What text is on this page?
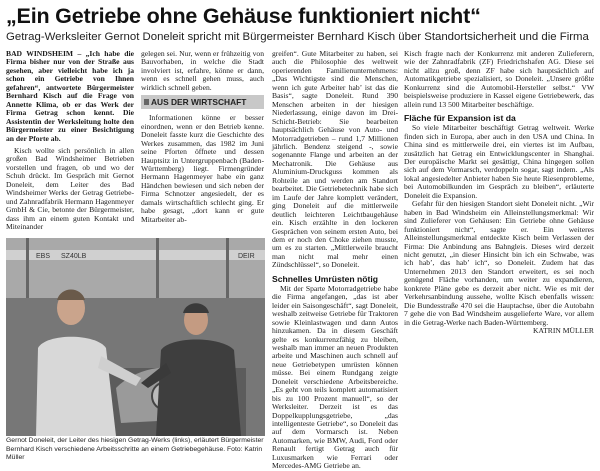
„Ein Getriebe ohne Gehäuse funktioniert nicht“
Getrag-Werksleiter Gernot Doneleit spricht mit Bürgermeister Bernhard Kisch über Standortsicherheit und die Firma

BAD WINDSHEIM – „Ich habe die Firma bisher nur von der Straße aus gesehen, aber vielleicht habe ich ja schon ein Getriebe von Ihnen gefahren“, antwortete Bürgermeister Bernhard Kisch auf die Frage von Annette Klima, ob er das Werk der Firma Getrag schon kennt. Die Assistentin der Werksleitung holte den Bürgermeister zu einer Besichtigung an der Pforte ab.

Kisch wollte sich persönlich in allen großen Bad Windsheimer Betrieben vorstellen und fragen, ob und wo der Schuh drückt. Im Gespräch mit Gernot Doneleit, dem Leiter des Bad Windsheimer Werks der Getrag Getriebe- und Zahnradfabrik Hermann Hagenmeyer GmbH & Cie, betonte der Bürgermeister, dass ihm an einem guten Kontakt und Miteinander

gelegen sei. Nur, wenn er frühzeitig von Bauvorhaben, in welche die Stadt involviert ist, erfahre, könne er dann, wenn es schnell gehen muss, auch wirklich schnell geben.

AUS DER WIRTSCHAFT

Informationen könne er besser einordnen, wenn er den Betrieb kenne. Doneleit fasste kurz die Geschichte des Werkes zusammen, das 1982 im Juni seine Pforten öffnete und dessen Hauptsitz in Untergruppenbach (Baden-Württemberg) liegt. Firmengründer Hermann Hagenmeyer habe ein ganz Händchen bewiesen und sich neben der Firma Schnotzer angesiedelt, der es damals wirtschaftlich schlecht ging. Er habe gesagt, „dort kann er gute Mitarbeiter ab-

greifen“. Gute Mitarbeiter zu haben, sei auch die Philosophie des weltweit operierenden Familienunternehmens: „Das Wichtigste sind die Menschen, wenn ich gute Arbeiter hab’ ist das die Basis“, sagte Doneleit. Rund 390 Menschen arbeiten in der hiesigen Niederlassung, einige davon im Drei-Schicht-Betrieb: Sie bearbeiten hauptsächlich Gehäuse von Auto- und Motorradgetrieben – rund 1,7 Millionen jährlich. Bendenz steigend -, sowie sogenannte Flange und arbeiten an der Mechatronik. Die Gehäuse aus Aluminium-Druckguss kommen als Rohteile an und werden am Standort bearbeitet. Die Getriebetechnik habe sich im Laufe der Jahre komplett verändert, ging Doneleit auf die mittlerweile deutlich leichteren Leichtbaugehäuse ein. Kisch erzählte in den lockeren Gesprächen von seinem ersten Auto, bei dem er noch den Choke ziehen musste, um es zu starten. „Mittlerweile braucht man nicht mal mehr einen Zündschlüssel“, so Doneleit.

Schnelles Umrüsten nötig

Mit der Sparte Motorradgetriebe habe die Firma angefangen, „das ist aber leider ein Saisongeschäft“, sagt Doneleit, weshalb zeitweise Getriebe für Traktoren sowie Kleinlastwagen und dann Autos hinzukamen. Da in diesem Geschäft gelte es konkurrenzfähig zu bleiben, weshalb man immer an neuen Produkten arbeite und Maschinen auch schnell auf neue Getriebetypen umrüsten können müsse. Bei einem Rundgang zeigte Doneleit verschiedene Arbeitsbereiche. „Es geht von teils komplett automatisiert bis zu 100 Prozent manuell“, so der Werksleiter. Derzeit ist es das Doppelkupplungsgetriebe, „das intelligenteste Getriebe“, so Doneleit das auf dem Vormarsch ist. Neben Automarken, wie BMW, Audi, Ford oder Renault fertigt Getrag auch für Luxusmarken wie Ferrari oder Mercedes-AMG Getriebe an.

Kisch fragte nach der Konkurrenz mit anderen Zulieferern, wie der Zahnradfabrik (ZF) Friedrichshafen AG. Diese sei nicht allzu groß, denn ZF habe sich hauptsächlich auf Automatikgetriebe spezialisiert, so Doneleit. „Unsere größte Konkurrenz sind die Automobil-Hersteller selbst.“ VW beispielsweise produziere in Kassel eigene Getriebewerk, das allein rund 13 500 Mitarbeiter beschäftige.

Fläche für Expansion ist da

So viele Mitarbeiter beschäftigt Getrag weltweit. Werke finden sich in Europa, aber auch in den USA und China. In China sind es mittlerweile drei, ein viertes ist im Aufbau, zusätzlich hat Getrag ein Entwicklungscenter in Shanghai. Der europäische Markt sei gesättigt, China hingegen sollen sich auf dem Vormarsch, verdoppeln sogar, sagt indem. „Als lokal angesiedelter Anbieter haben Sie heute Riesenprobleme, bei Automobilkunden im Gespräch zu bleiben“, erläuterte Doneleit die Expansion.

Gefahr für den hiesigen Standort sieht Doneleit nicht. „Wir haben in Bad Windsheim ein Alleinstellungsmerkmal: Wir sind Zulieferer von Gehäusen: Ein Getriebe ohne Gehäuse funktioniert nicht“, sagte er. Ein weiteres Alleinstellungsmerkmal entdeckte Kisch beim Verlassen der Firma: Die Anbindung ans Bahngleis. Dieses wird derzeit nicht genutzt, „in dieser Hinsicht bin ich ein Schwabe, was ich hab’, das hab’ ich“, so Doneleit. Zudem hat das Unternehmen 2013 den Standort erweitert, es sei noch genügend Fläche vorhanden, um weiter zu expandieren, konkrete Pläne gebe es derzeit aber nicht. Wie es mit der Verkehrsanbindung aussehe, wollte Kisch ebenfalls wissen: Die Bundesstraße 470 sei die Hauptachse, über die Autobahn 7 gehe die von Bad Windsheim ausgelieferte Ware, vor allem in die Getrag-Werke nach Baden-Württemberg.

KATRIN MÜLLER

EBS SZ40LB	DEIR
Gernot Doneleit, der Leiter des hiesigen Getrag-Werks (links), erläutert Bürgermeister Bernhard Kisch verschiedene Arbeitsschritte an einem Getriebegehäuse. Foto: Katrin Müller
